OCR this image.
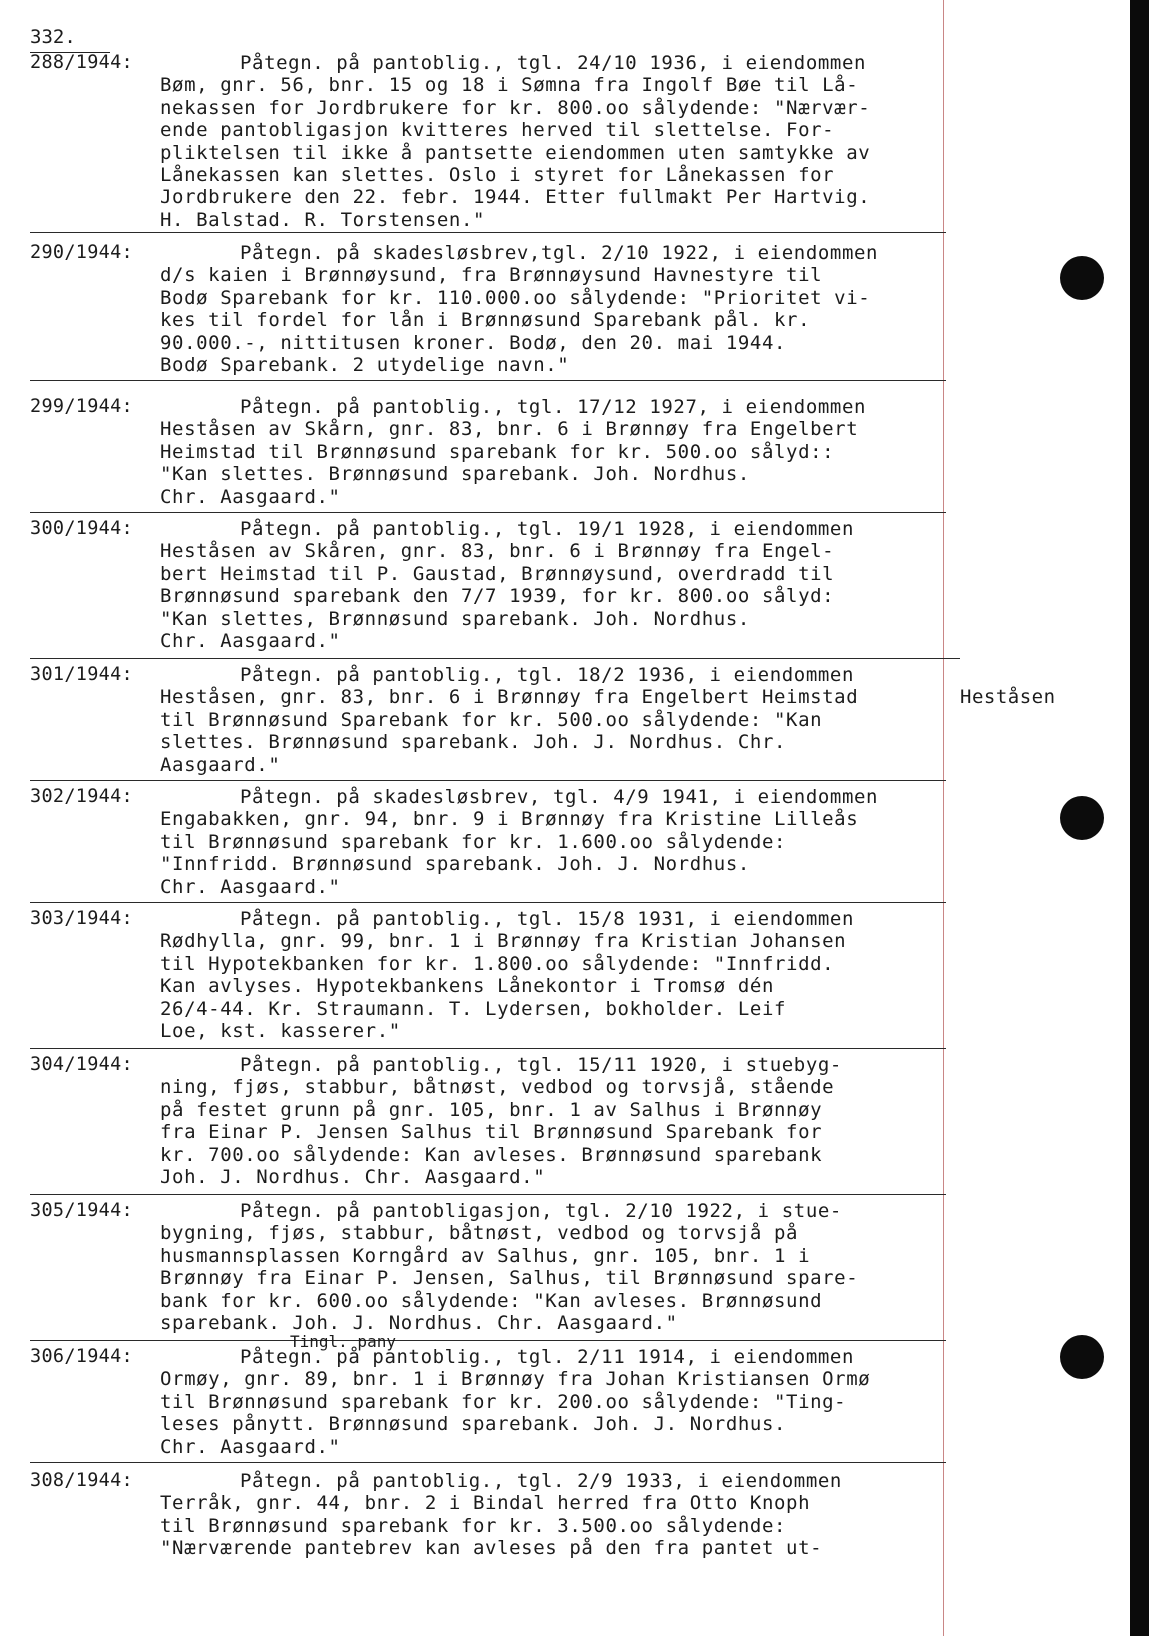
332.
288/1944:	Påtegn. på pantoblig., tgl. 24/10 1936, i eiendommen
Bøm, gnr. 56, bnr. 15 og 18 i Sømna fra Ingolf Bøe til Lå-
nekassen for Jordbrukere for kr. 800.oo sålydende: "Nærvær-
ende pantobligasjon kvitteres herved til slettelse. For-
pliktelsen til ikke å pantsette eiendommen uten samtykke av
Lånekassen kan slettes. Oslo i styret for Lånekassen for
Jordbrukere den 22. febr. 1944. Etter fullmakt Per Hartvig.
H. Balstad. R. Torstensen."
290/1944:	Påtegn. på skadesløsbrev,tgl. 2/10 1922, i eiendommen
d/s kaien i Brønnøysund, fra Brønnøysund Havnestyre til
Bodø Sparebank for kr. 110.000.oo sålydende: "Prioritet vi-
kes til fordel for lån i Brønnøsund Sparebank pål. kr.
90.000.-, nittitusen kroner. Bodø, den 20. mai 1944.
Bodø Sparebank. 2 utydelige navn."
299/1944:	Påtegn. på pantoblig., tgl. 17/12 1927, i eiendommen
Heståsen av Skårn, gnr. 83, bnr. 6 i Brønnøy fra Engelbert
Heimstad til Brønnøsund sparebank for kr. 500.oo sålyd::
"Kan slettes. Brønnøsund sparebank. Joh. Nordhus.
Chr. Aasgaard."
300/1944:	Påtegn. på pantoblig., tgl. 19/1 1928, i eiendommen
Heståsen av Skåren, gnr. 83, bnr. 6 i Brønnøy fra Engel-
bert Heimstad til P. Gaustad, Brønnøysund, overdradd til
Brønnøsund sparebank den 7/7 1939, for kr. 800.oo sålyd:
"Kan slettes, Brønnøsund sparebank. Joh. Nordhus.
Chr. Aasgaard."
301/1944:	Påtegn. på pantoblig., tgl. 18/2 1936, i eiendommen
Heståsen, gnr. 83, bnr. 6 i Brønnøy fra Engelbert Heimstad
til Brønnøsund Sparebank for kr. 500.oo sålydende: "Kan
slettes. Brønnøsund sparebank. Joh. J. Nordhus. Chr.
Aasgaard."
Heståsen
302/1944:	Påtegn. på skadesløsbrev, tgl. 4/9 1941, i eiendommen
Engabakken, gnr. 94, bnr. 9 i Brønnøy fra Kristine Lilleås
til Brønnøsund sparebank for kr. 1.600.oo sålydende:
"Innfridd. Brønnøsund sparebank. Joh. J. Nordhus.
Chr. Aasgaard."
303/1944:	Påtegn. på pantoblig., tgl. 15/8 1931, i eiendommen
Rødhylla, gnr. 99, bnr. 1 i Brønnøy fra Kristian Johansen
til Hypotekbanken for kr. 1.800.oo sålydende: "Innfridd.
Kan avlyses. Hypotekbankens Lånekontor i Tromsø dén
26/4-44. Kr. Straumann. T. Lydersen, bokholder. Leif
Loe, kst. kasserer."
304/1944:	Påtegn. på pantoblig., tgl. 15/11 1920, i stuebyg-
ning, fjøs, stabbur, båtnøst, vedbod og torvsjå, stående
på festet grunn på gnr. 105, bnr. 1 av Salhus i Brønnøy
fra Einar P. Jensen Salhus til Brønnøsund Sparebank for
kr. 700.oo sålydende: Kan avleses. Brønnøsund sparebank
Joh. J. Nordhus. Chr. Aasgaard."
305/1944:	Påtegn. på pantobligasjon, tgl. 2/10 1922, i stue-
bygning, fjøs, stabbur, båtnøst, vedbod og torvsjå på
husmannsplassen Korngård av Salhus, gnr. 105, bnr. 1 i
Brønnøy fra Einar P. Jensen, Salhus, til Brønnøsund spare-
bank for kr. 600.oo sålydende: "Kan avleses. Brønnøsund
sparebank. Joh. J. Nordhus. Chr. Aasgaard."
306/1944:	Påtegn. på pantoblig., tgl. 2/11 1914, i eiendommen
Ormøy, gnr. 89, bnr. 1 i Brønnøy fra Johan Kristiansen Ormø
til Brønnøsund sparebank for kr. 200.oo sålydende: "Ting-
leses pånytt. Brønnøsund sparebank. Joh. J. Nordhus.
Chr. Aasgaard."
Tingl. pany
308/1944:	Påtegn. på pantoblig., tgl. 2/9 1933, i eiendommen
Terråk, gnr. 44, bnr. 2 i Bindal herred fra Otto Knoph
til Brønnøsund sparebank for kr. 3.500.oo sålydende:
"Nærværende pantebrev kan avleses på den fra pantet ut-
